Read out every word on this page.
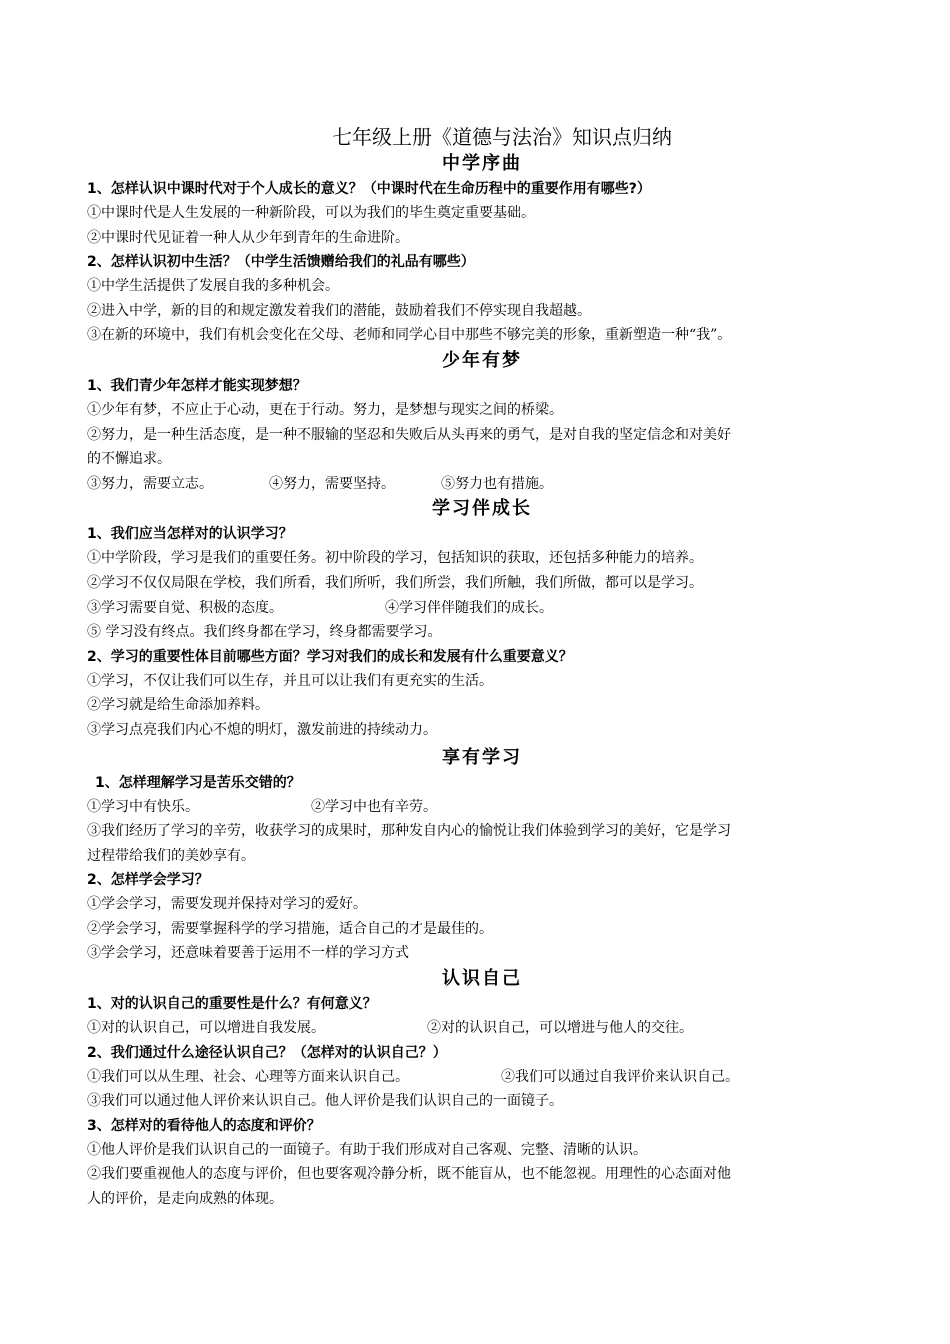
七年级上册《道德与法治》知识点归纳
中学序曲

1、怎样认识中课时代对于个人成长的意义？（中课时代在生命历程中的重要作用有哪些?）

①中课时代是人生发展的一种新阶段，可以为我们的毕生奠定重要基础。

②中课时代见证着一种人从少年到青年的生命进阶。

2、怎样认识初中生活？（中学生活馈赠给我们的礼品有哪些）

①中学生活提供了发展自我的多种机会。

②进入中学，新的目的和规定激发着我们的潜能，鼓励着我们不停实现自我超越。

③在新的环境中，我们有机会变化在父母、老师和同学心目中那些不够完美的形象，重新塑造一种“我”。

少年有梦

1、我们青少年怎样才能实现梦想？

①少年有梦，不应止于心动，更在于行动。努力，是梦想与现实之间的桥梁。

②努力，是一种生活态度，是一种不服输的坚忍和失败后从头再来的勇气，是对自我的坚定信念和对美好

的不懈追求。

③努力，需要立志。	④努力，需要坚持。	⑤努力也有措施。
学习伴成长

1、我们应当怎样对的认识学习？

①中学阶段，学习是我们的重要任务。初中阶段的学习，包括知识的获取，还包括多种能力的培养。

②学习不仅仅局限在学校，我们所看，我们所听，我们所尝，我们所触，我们所做，都可以是学习。

③学习需要自觉、积极的态度。	④学习伴伴随我们的成长。

⑤ 学习没有终点。我们终身都在学习，终身都需要学习。

2、学习的重要性体目前哪些方面？学习对我们的成长和发展有什么重要意义？

①学习，不仅让我们可以生存，并且可以让我们有更充实的生活。

②学习就是给生命添加养料。

③学习点亮我们内心不熄的明灯，激发前进的持续动力。

享有学习

1、怎样理解学习是苦乐交错的？

①学习中有快乐。	②学习中也有辛劳。

③我们经历了学习的辛劳，收获学习的成果时，那种发自内心的愉悦让我们体验到学习的美好，它是学习

过程带给我们的美妙享有。

2、怎样学会学习？

①学会学习，需要发现并保持对学习的爱好。

②学会学习，需要掌握科学的学习措施，适合自己的才是最佳的。

③学会学习，还意味着要善于运用不一样的学习方式

认识自己

1、对的认识自己的重要性是什么？有何意义？

①对的认识自己，可以增进自我发展。	②对的认识自己，可以增进与他人的交往。

2、我们通过什么途径认识自己？（怎样对的认识自己？）

①我们可以从生理、社会、心理等方面来认识自己。	②我们可以通过自我评价来认识自己。

③我们可以通过他人评价来认识自己。他人评价是我们认识自己的一面镜子。

3、怎样对的看待他人的态度和评价？

①他人评价是我们认识自己的一面镜子。有助于我们形成对自己客观、完整、清晰的认识。

②我们要重视他人的态度与评价，但也要客观冷静分析，既不能盲从，也不能忽视。用理性的心态面对他

人的评价，是走向成熟的体现。
